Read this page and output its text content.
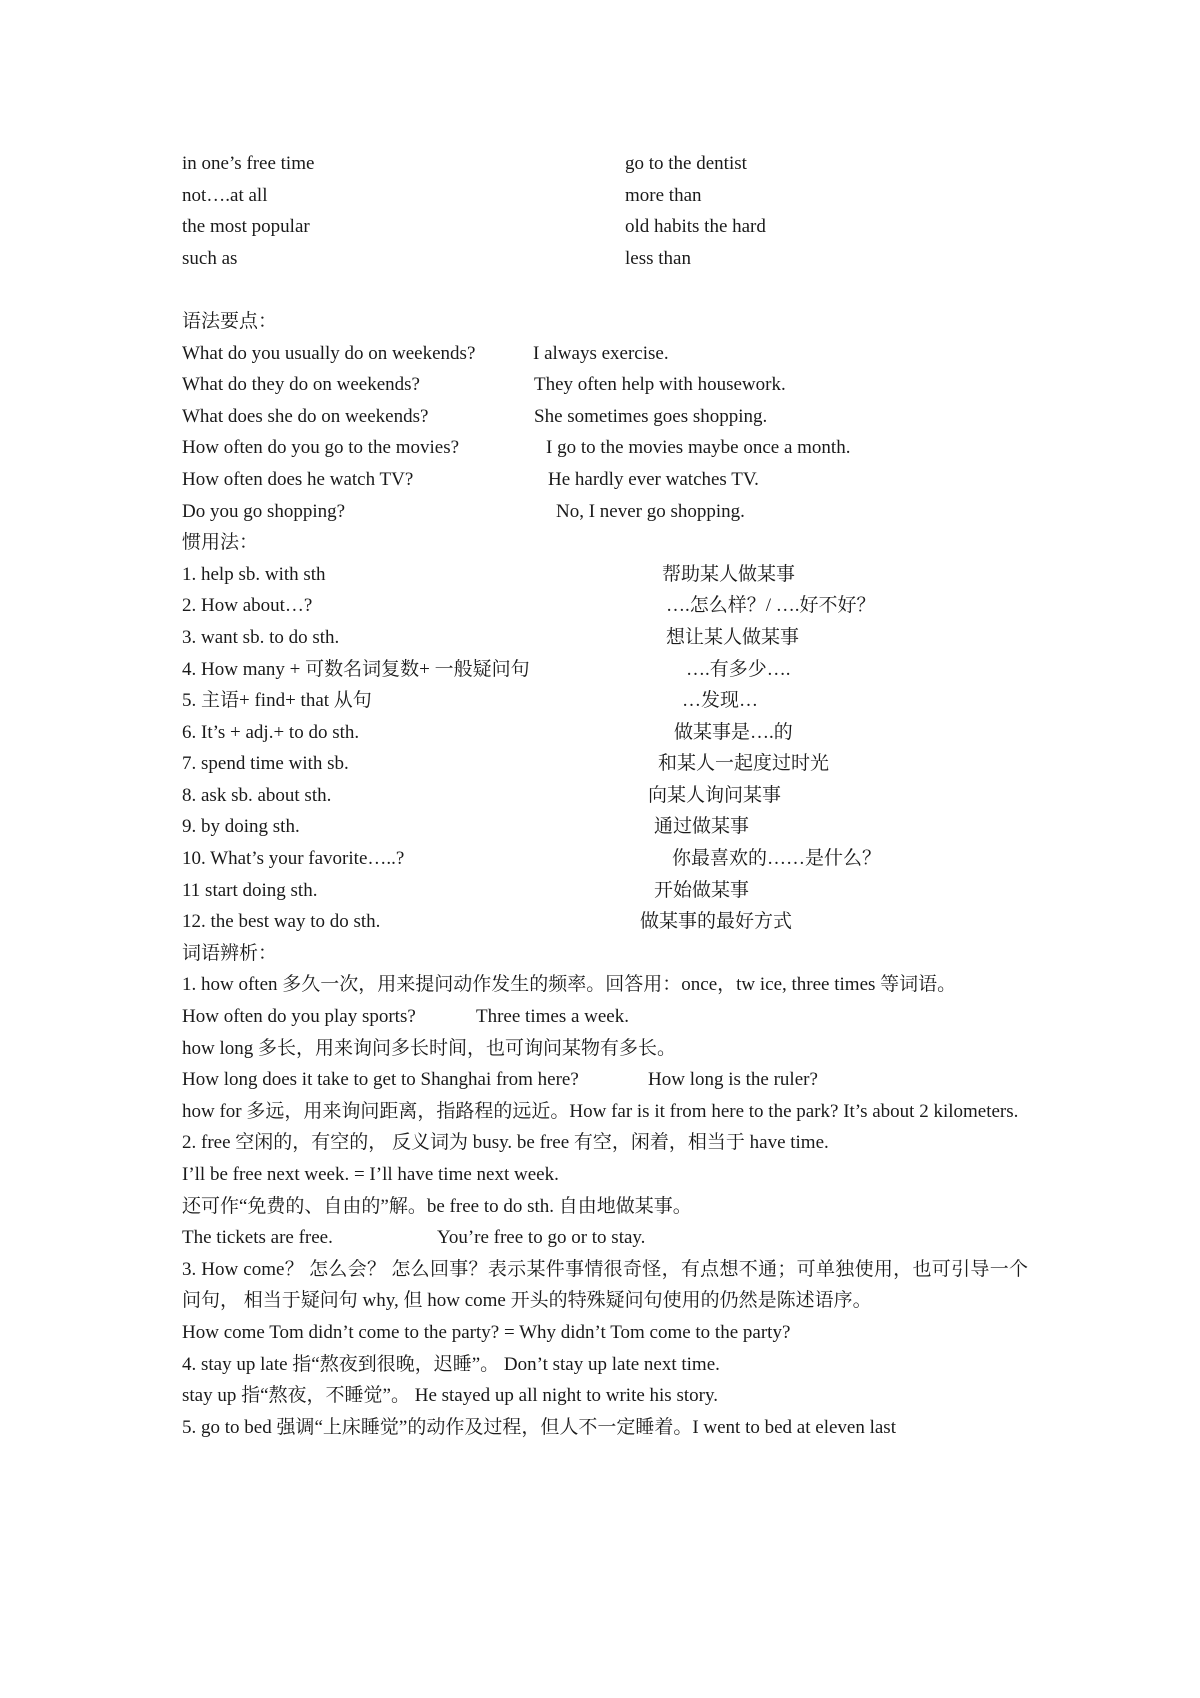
in one’s free time	go to the dentist
not….at all	more than
the most popular	old habits the hard
such as	less than
语法要点：
What do you usually do on weekends?	I always exercise.
What do they do on weekends?	They often help with housework.
What does she do on weekends?	She sometimes goes shopping.
How often do you go to the movies?	I go to the movies maybe once a month.
How often does he watch TV?	He hardly ever watches TV.
Do you go shopping?	No, I never go shopping.
惯用法：
1. help sb. with sth	帮助某人做某事
2. How about…?	….怎么样？/ ….好不好？
3. want sb. to do sth.	想让某人做某事
4. How many + 可数名词复数+ 一般疑问句	….有多少….
5. 主语+ find+ that 从句	…发现…
6. It’s + adj.+ to do sth.	做某事是….的
7. spend time with sb.	和某人一起度过时光
8. ask sb. about sth.	向某人询问某事
9. by doing sth.	通过做某事
10. What’s your favorite…..?	你最喜欢的……是什么？
11 start doing sth.	开始做某事
12. the best way to do sth.	做某事的最好方式
词语辨析：
1. how often 多久一次，用来提问动作发生的频率。回答用：once，tw ice, three times 等词语。
How often do you play sports?	Three times a week.
how long 多长，用来询问多长时间，也可询问某物有多长。
How long does it take to get to Shanghai from here?	How long is the ruler?
how for 多远，用来询问距离，指路程的远近。How far is it from here to the park? It’s about 2 kilometers.
2. free 空闲的，有空的， 反义词为 busy. be free 有空，闲着，相当于 have time.
I’ll be free next week. = I’ll have time next week.
还可作“免费的、自由的”解。be free to do sth. 自由地做某事。
The tickets are free.	You’re free to go or to stay.
3. How come？ 怎么会？ 怎么回事？表示某件事情很奇怪，有点想不通；可单独使用，也可引导一个问句， 相当于疑问句 why, 但 how come 开头的特殊疑问句使用的仍然是陈述语序。
How come Tom didn’t come to the party? = Why didn’t Tom come to the party?
4. stay up late 指“熬夜到很晚，迟睡”。 Don’t stay up late next time.
stay up 指“熬夜，不睡觉”。 He stayed up all night to write his story.
5. go to bed 强调“上床睡觉”的动作及过程，但人不一定睡着。I went to bed at eleven last
